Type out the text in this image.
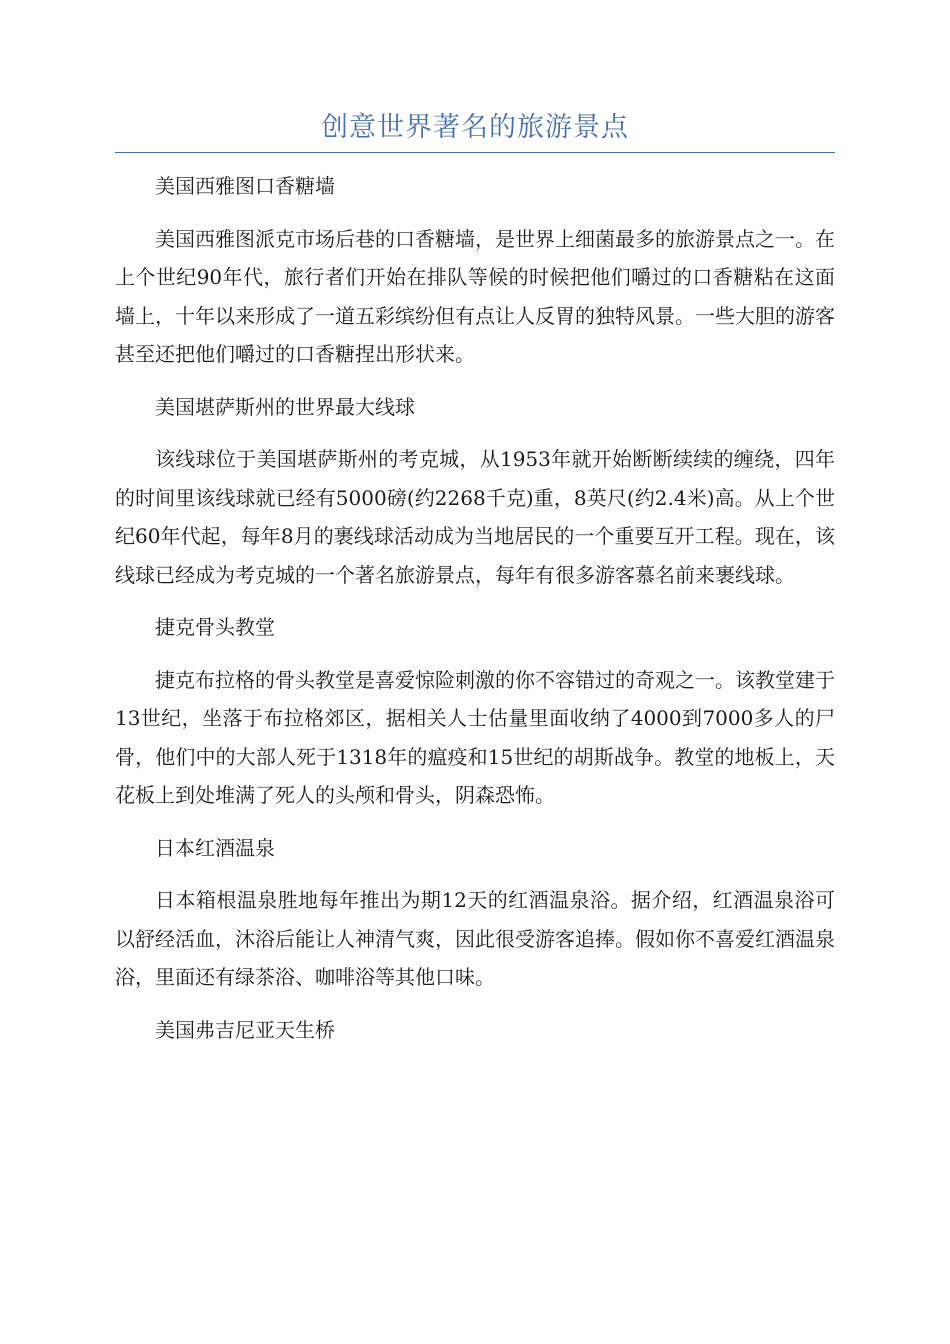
创意世界著名的旅游景点

美国西雅图口香糖墙

美国西雅图派克市场后巷的口香糖墙，是世界上细菌最多的旅游景点之一。在上个世纪90年代，旅行者们开始在排队等候的时候把他们嚼过的口香糖粘在这面墙上，十年以来形成了一道五彩缤纷但有点让人反胃的独特风景。一些大胆的游客甚至还把他们嚼过的口香糖捏出形状来。

美国堪萨斯州的世界最大线球

该线球位于美国堪萨斯州的考克城，从1953年就开始断断续续的缠绕，四年的时间里该线球就已经有5000磅(约2268千克)重，8英尺(约2.4米)高。从上个世纪60年代起，每年8月的裹线球活动成为当地居民的一个重要互开工程。现在，该线球已经成为考克城的一个著名旅游景点，每年有很多游客慕名前来裹线球。

捷克骨头教堂

捷克布拉格的骨头教堂是喜爱惊险刺激的你不容错过的奇观之一。该教堂建于13世纪，坐落于布拉格郊区，据相关人士估量里面收纳了4000到7000多人的尸骨，他们中的大部人死于1318年的瘟疫和15世纪的胡斯战争。教堂的地板上，天花板上到处堆满了死人的头颅和骨头，阴森恐怖。

日本红酒温泉

日本箱根温泉胜地每年推出为期12天的红酒温泉浴。据介绍，红酒温泉浴可以舒经活血，沐浴后能让人神清气爽，因此很受游客追捧。假如你不喜爱红酒温泉浴，里面还有绿茶浴、咖啡浴等其他口味。

美国弗吉尼亚天生桥
